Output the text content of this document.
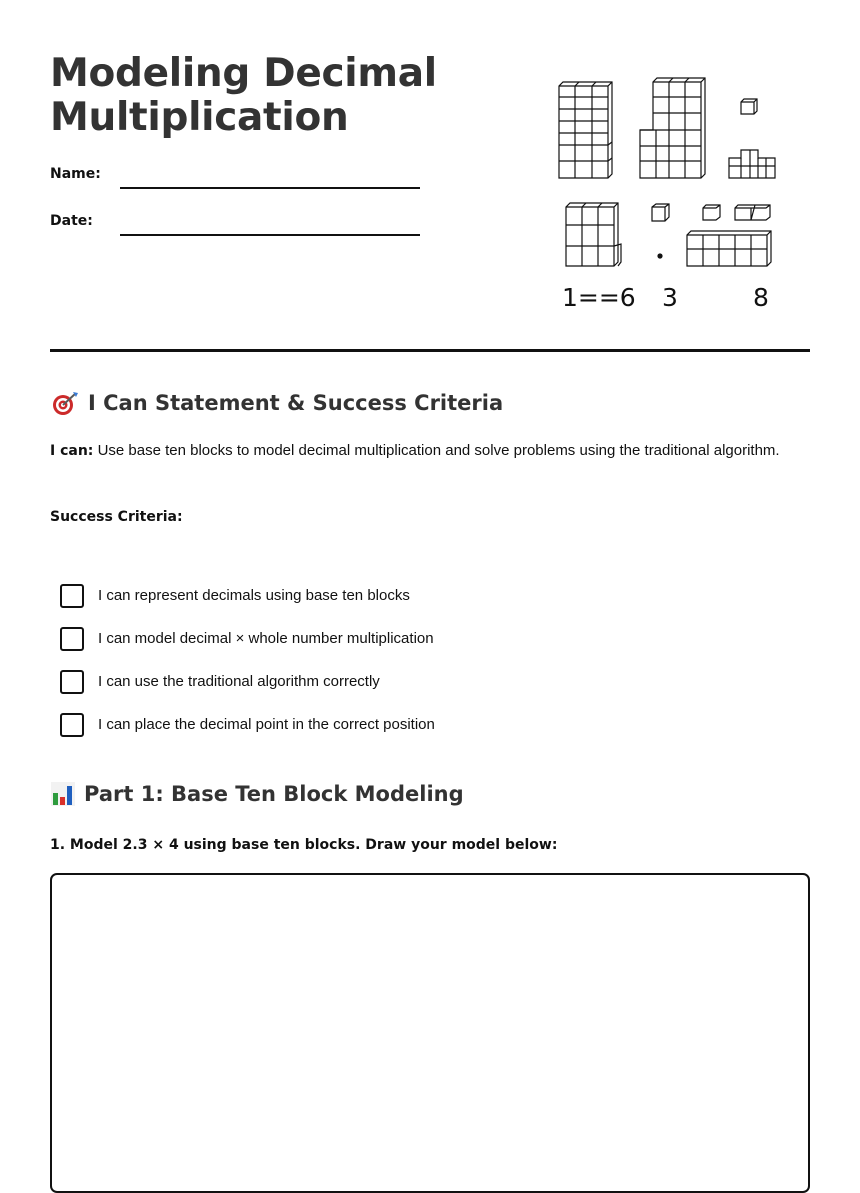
Modeling Decimal Multiplication
Name:
Date:
1==6 3	8
I Can Statement & Success Criteria

I can: Use base ten blocks to model decimal multiplication and solve problems using the traditional algorithm.

Success Criteria:
I can represent decimals using base ten blocks
I can model decimal × whole number multiplication
I can use the traditional algorithm correctly
I can place the decimal point in the correct position
Part 1: Base Ten Block Modeling
1. Model 2.3 × 4 using base ten blocks. Draw your model below:
